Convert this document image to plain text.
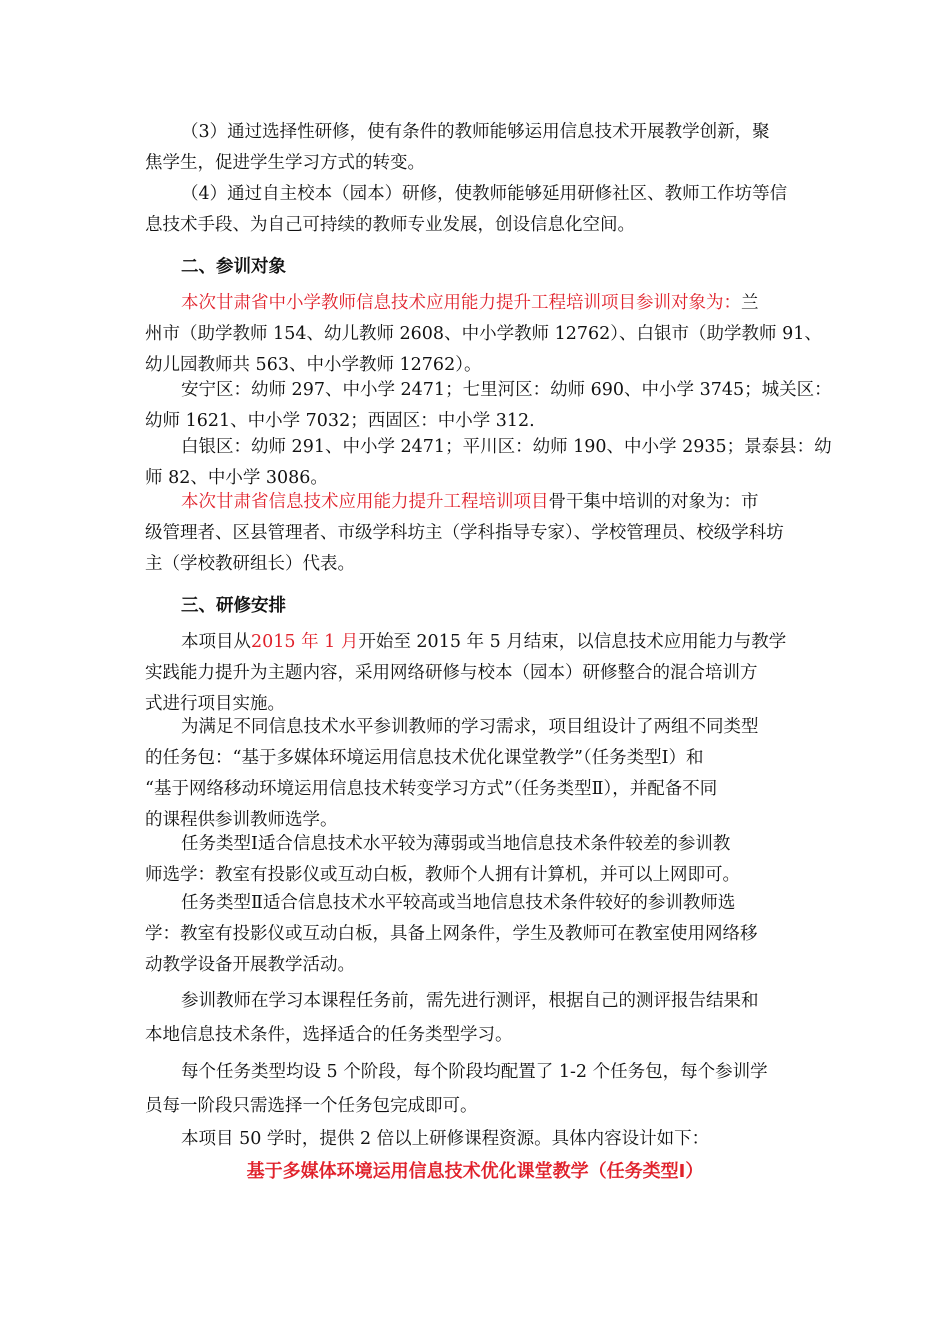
（3）通过选择性研修，使有条件的教师能够运用信息技术开展教学创新，聚
焦学生，促进学生学习方式的转变。

（4）通过自主校本（园本）研修，使教师能够延用研修社区、教师工作坊等信
息技术手段、为自己可持续的教师专业发展，创设信息化空间。

二、参训对象

本次甘肃省中小学教师信息技术应用能力提升工程培训项目参训对象为：兰
州市（助学教师 154、幼儿教师 2608、中小学教师 12762）、白银市（助学教师 91、
幼儿园教师共 563、中小学教师 12762）。

安宁区：幼师 297、中小学 2471；七里河区：幼师 690、中小学 3745；城关区：
幼师 1621、中小学 7032；西固区：中小学 312.

白银区：幼师 291、中小学 2471；平川区：幼师 190、中小学 2935；景泰县：幼
师 82、中小学 3086。

本次甘肃省信息技术应用能力提升工程培训项目骨干集中培训的对象为：市
级管理者、区县管理者、市级学科坊主（学科指导专家）、学校管理员、校级学科坊
主（学校教研组长）代表。

三、研修安排

本项目从2015 年 1 月开始至 2015 年 5 月结束，以信息技术应用能力与教学
实践能力提升为主题内容，采用网络研修与校本（园本）研修整合的混合培训方
式进行项目实施。

为满足不同信息技术水平参训教师的学习需求，项目组设计了两组不同类型
的任务包：“基于多媒体环境运用信息技术优化课堂教学”（任务类型Ⅰ）和
“基于网络移动环境运用信息技术转变学习方式”（任务类型Ⅱ），并配备不同
的课程供参训教师选学。

任务类型Ⅰ适合信息技术水平较为薄弱或当地信息技术条件较差的参训教
师选学：教室有投影仪或互动白板，教师个人拥有计算机，并可以上网即可。

任务类型Ⅱ适合信息技术水平较高或当地信息技术条件较好的参训教师选
学：教室有投影仪或互动白板，具备上网条件，学生及教师可在教室使用网络移
动教学设备开展教学活动。

参训教师在学习本课程任务前，需先进行测评，根据自己的测评报告结果和
本地信息技术条件，选择适合的任务类型学习。

每个任务类型均设 5 个阶段，每个阶段均配置了 1-2 个任务包，每个参训学
员每一阶段只需选择一个任务包完成即可。

本项目 50 学时，提供 2 倍以上研修课程资源。具体内容设计如下：

基于多媒体环境运用信息技术优化课堂教学（任务类型Ⅰ）
